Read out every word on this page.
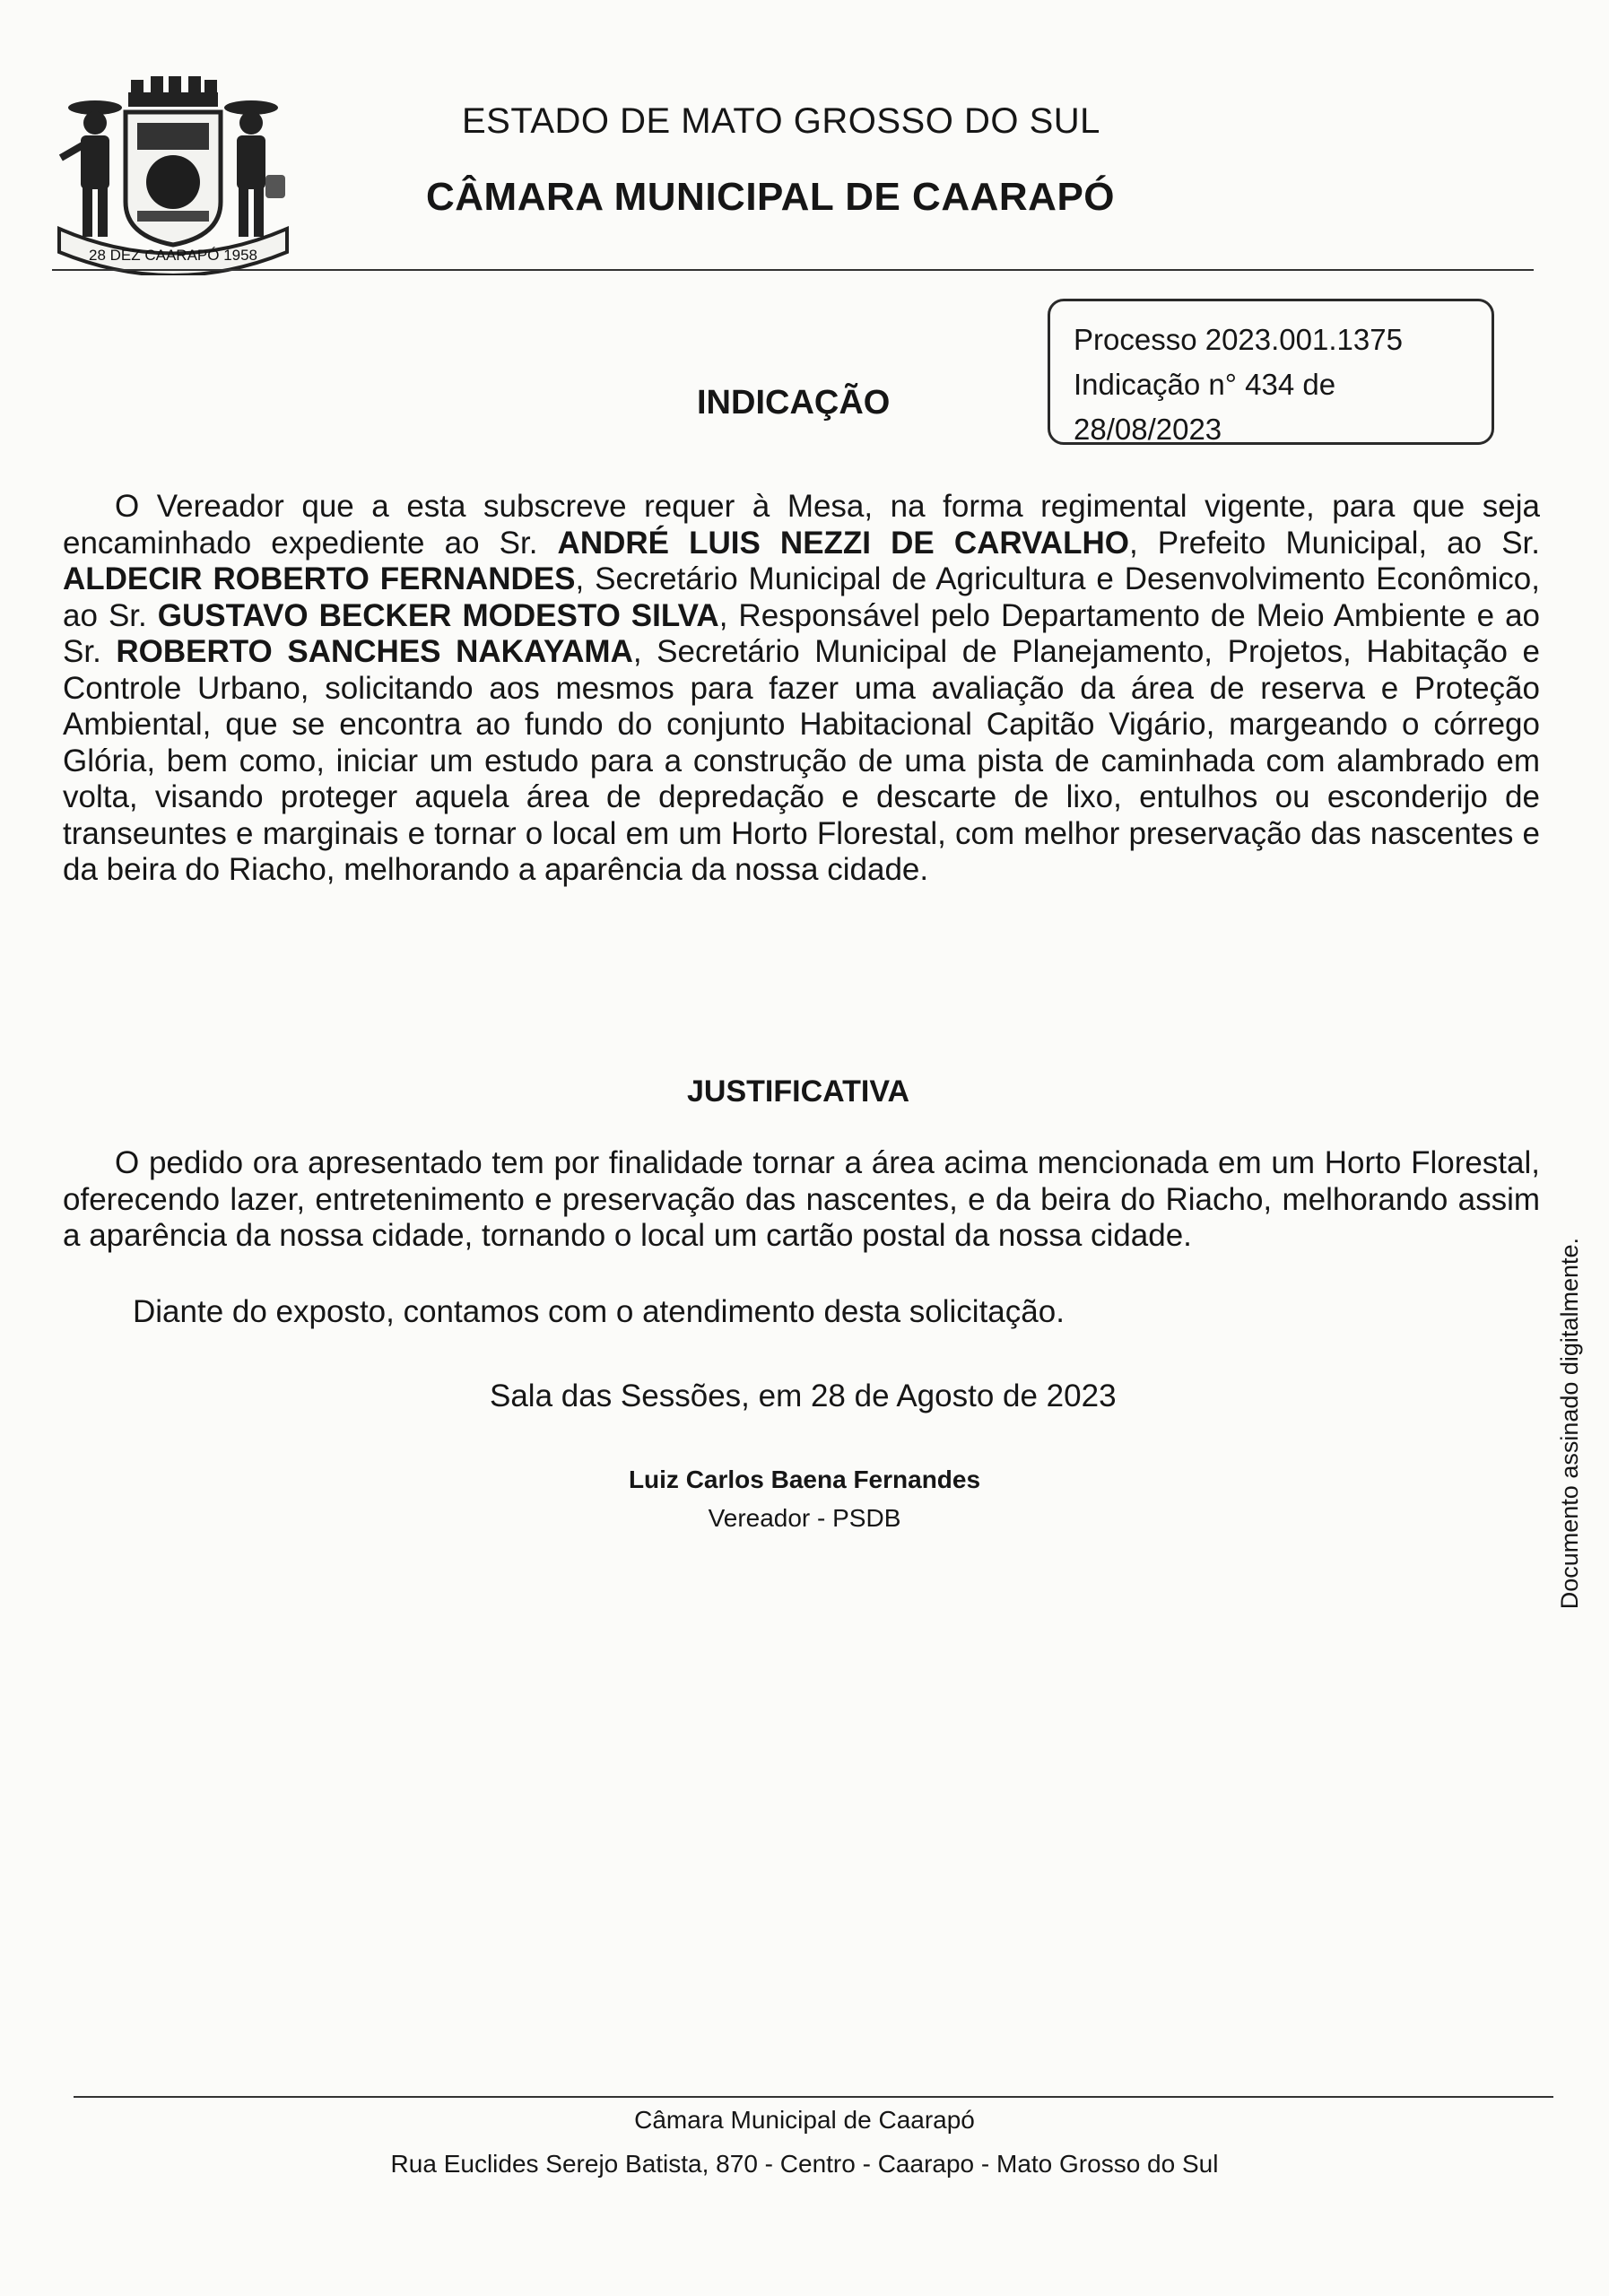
28 DEZ CAARAPÓ 1958
ESTADO DE MATO GROSSO DO SUL
CÂMARA MUNICIPAL DE CAARAPÓ
Processo 2023.001.1375
Indicação n° 434 de
28/08/2023
INDICAÇÃO
O Vereador que a esta subscreve requer à Mesa, na forma regimental vigente, para que seja encaminhado expediente ao Sr. ANDRÉ LUIS NEZZI DE CARVALHO, Prefeito Municipal, ao Sr. ALDECIR ROBERTO FERNANDES, Secretário Municipal de Agricultura e Desenvolvimento Econômico, ao Sr. GUSTAVO BECKER MODESTO SILVA, Responsável pelo Departamento de Meio Ambiente e ao Sr. ROBERTO SANCHES NAKAYAMA, Secretário Municipal de Planejamento, Projetos, Habitação e Controle Urbano, solicitando aos mesmos para fazer uma avaliação da área de reserva e Proteção Ambiental, que se encontra ao fundo do conjunto Habitacional Capitão Vigário, margeando o córrego Glória, bem como, iniciar um estudo para a construção de uma pista de caminhada com alambrado em volta, visando proteger aquela área de depredação e descarte de lixo, entulhos ou esconderijo de transeuntes e marginais e tornar o local em um Horto Florestal, com melhor preservação das nascentes e da beira do Riacho, melhorando a aparência da nossa cidade.
JUSTIFICATIVA
O pedido ora apresentado tem por finalidade tornar a área acima mencionada em um Horto Florestal, oferecendo lazer, entretenimento e preservação das nascentes, e da beira do Riacho, melhorando assim a aparência da nossa cidade, tornando o local um cartão postal da nossa cidade.
Diante do exposto, contamos com o atendimento desta solicitação.
Sala das Sessões, em 28 de Agosto de 2023
Luiz Carlos Baena Fernandes
Vereador - PSDB	Documento assinado digitalmente.
Câmara Municipal de Caarapó
Rua Euclides Serejo Batista, 870 - Centro - Caarapo - Mato Grosso do Sul
